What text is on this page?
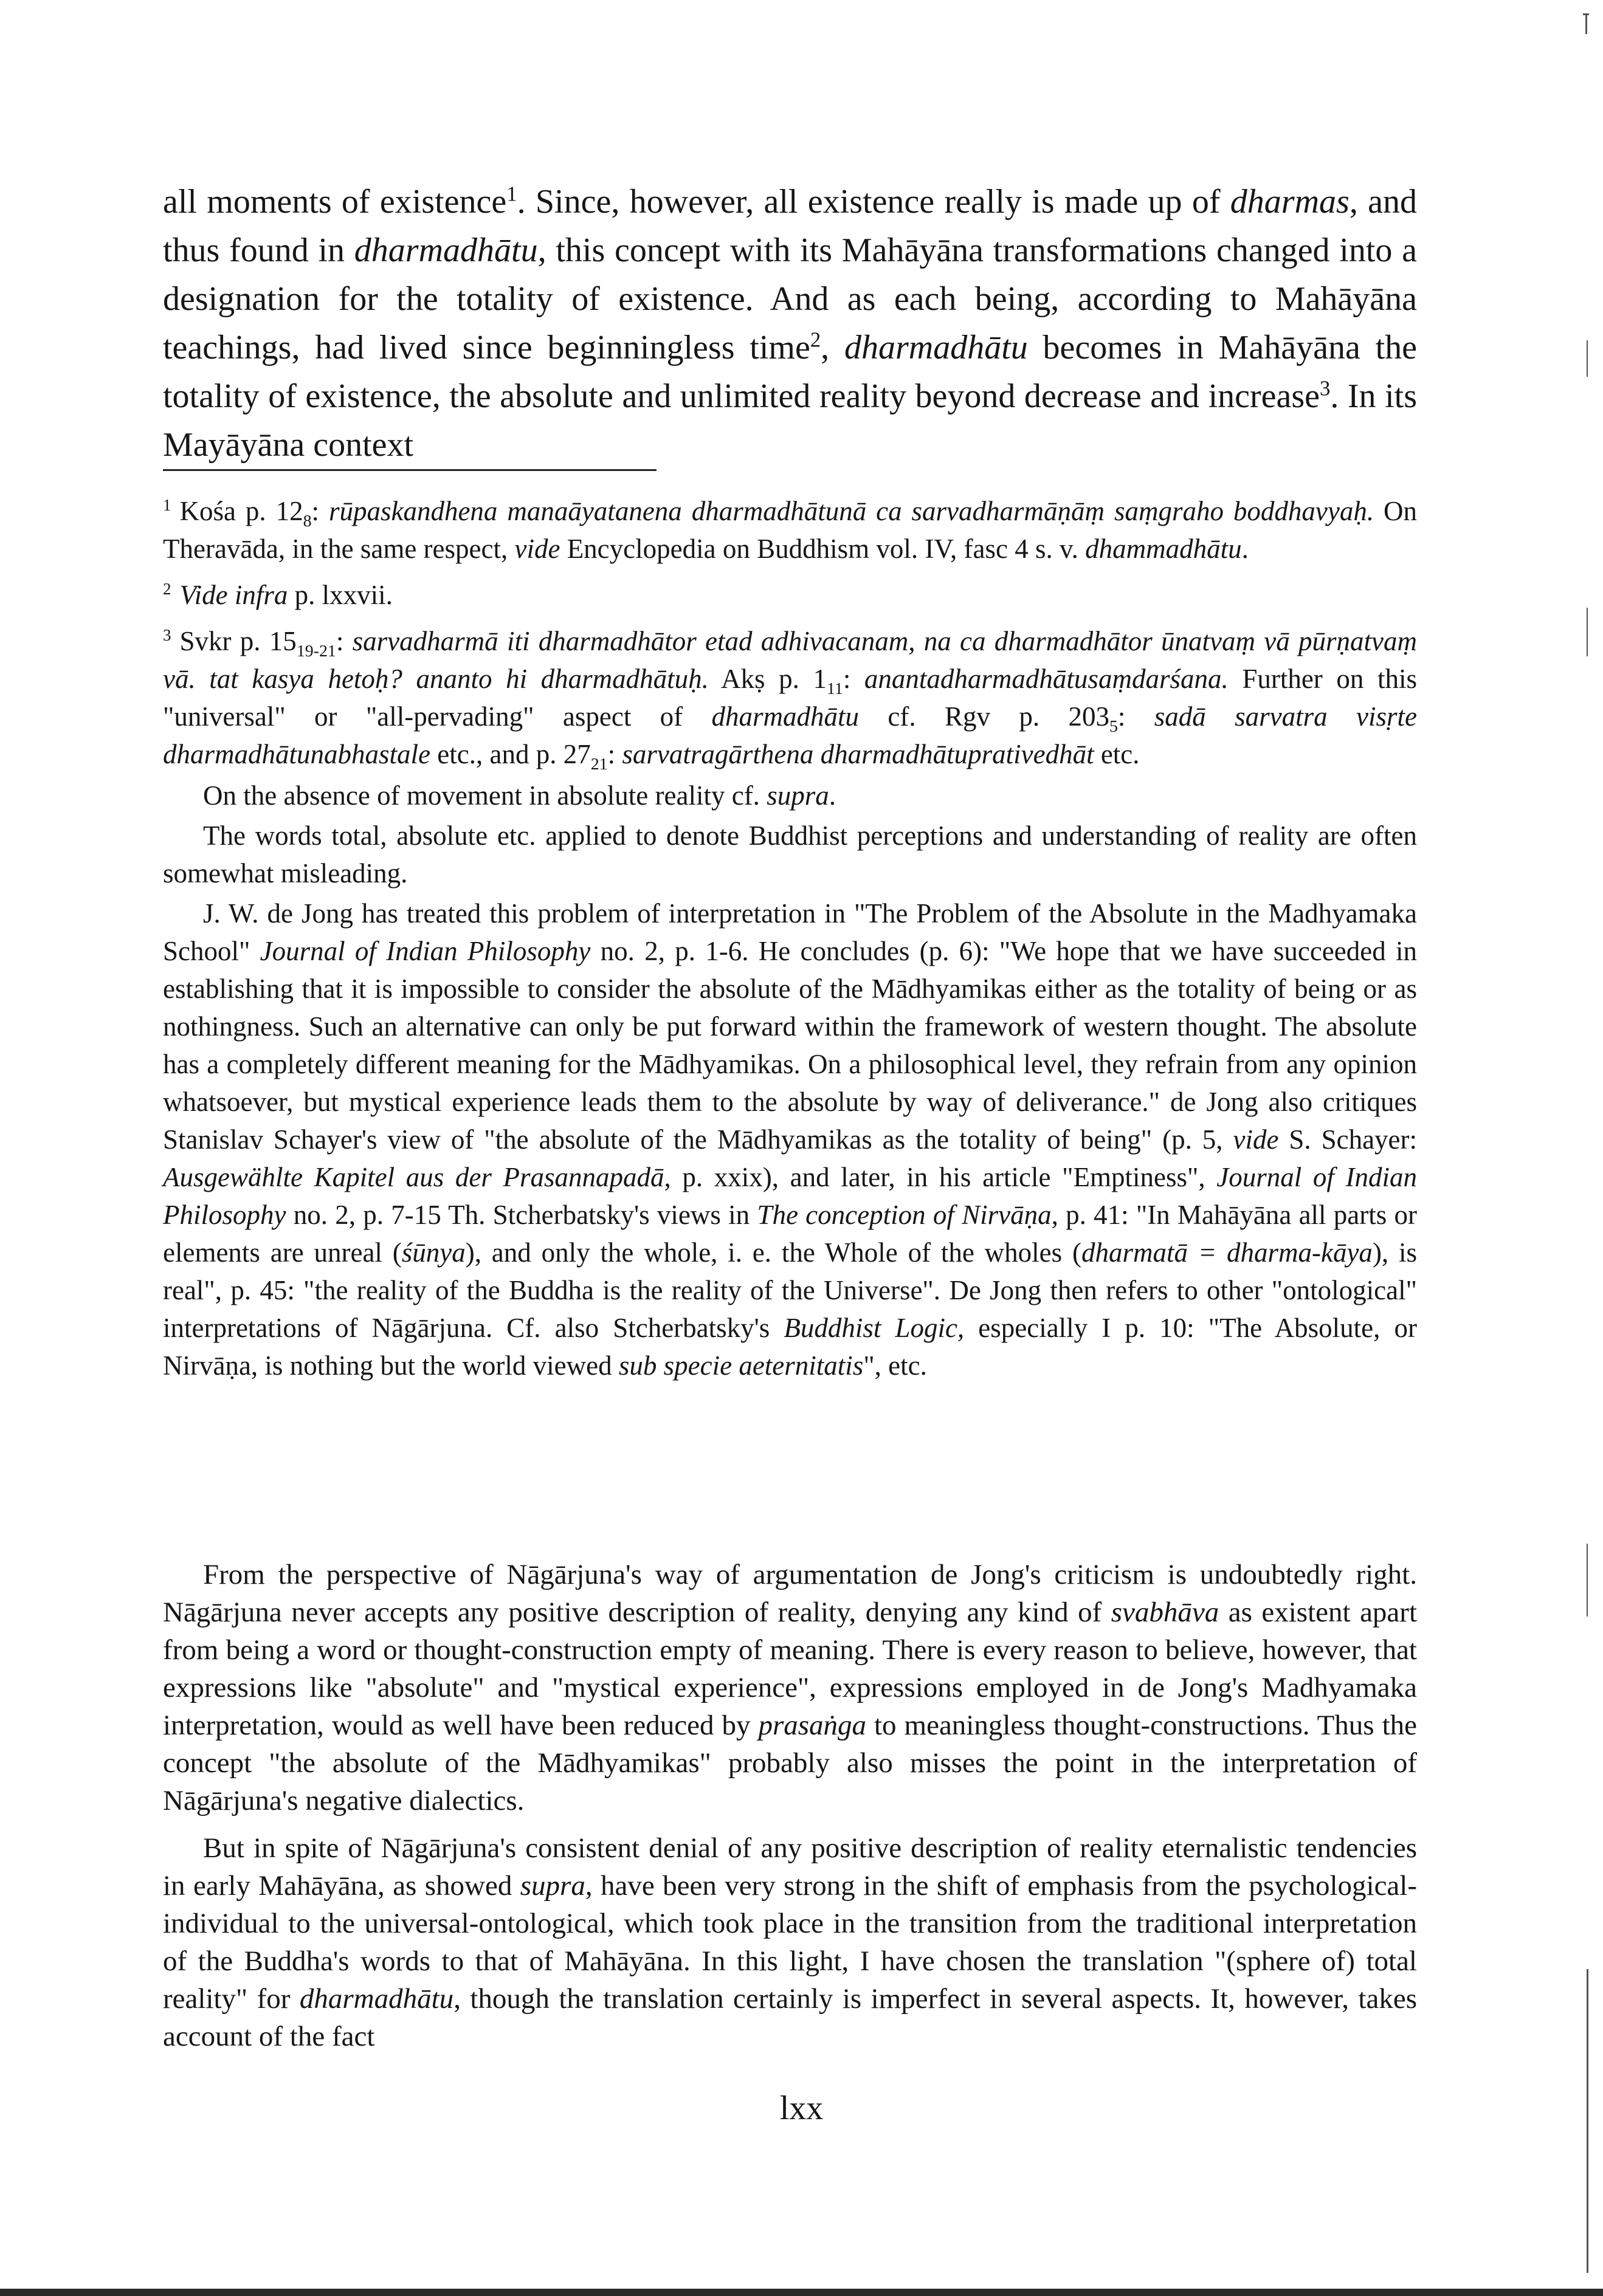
all moments of existence$^1$. Since, however, all existence really is made up of dharmas, and thus found in dharmadhātu, this concept with its Mahāyāna transformations changed into a designation for the totality of existence. And as each being, according to Mahāyāna teachings, had lived since beginningless time$^2$, dharmadhātu becomes in Mahāyāna the totality of existence, the absolute and unlimited reality beyond decrease and increase$^3$. In its Mayāyāna context

$^1$ Kośa p. $12_8$: rūpaskandhena manaāyatanena dharmadhātunā ca sarvadharmāṇāṃ saṃgraho boddhavyaḥ. On Theravāda, in the same respect, vide Encyclopedia on Buddhism vol. IV, fasc 4 s. v. dhammadhātu.

$^2$ Vide infra p. lxxvii.

$^3$ Svkr p. $15_{19-21}$: sarvadharmā iti dharmadhātor etad adhivacanam, na ca dharmadhātor ūnatvaṃ vā pūrṇatvaṃ vā. tat kasya hetoḥ? ananto hi dharmadhātuḥ. Akṣ p. $1_{11}$: anantadharmadhātusaṃdarśana. Further on this "universal" or "all-pervading" aspect of dharmadhātu cf. Rgv p. $203_5$: sadā sarvatra visṛte dharmadhātunabhastale etc., and p. $27_{21}$: sarvatragārthena dharmadhātuprativedhāt etc.

On the absence of movement in absolute reality cf. supra.

The words total, absolute etc. applied to denote Buddhist perceptions and understanding of reality are often somewhat misleading.

J. W. de Jong has treated this problem of interpretation in "The Problem of the Absolute in the Madhyamaka School" Journal of Indian Philosophy no. 2, p. 1-6. He concludes (p. 6): "We hope that we have succeeded in establishing that it is impossible to consider the absolute of the Mādhyamikas either as the totality of being or as nothingness. Such an alternative can only be put forward within the framework of western thought. The absolute has a completely different meaning for the Mādhyamikas. On a philosophical level, they refrain from any opinion whatsoever, but mystical experience leads them to the absolute by way of deliverance." de Jong also critiques Stanislav Schayer's view of "the absolute of the Mādhyamikas as the totality of being" (p. 5, vide S. Schayer: Ausgewählte Kapitel aus der Prasannapadā, p. xxix), and later, in his article "Emptiness", Journal of Indian Philosophy no. 2, p. 7-15 Th. Stcherbatsky's views in The conception of Nirvāṇa, p. 41: "In Mahāyāna all parts or elements are unreal (śūnya), and only the whole, i. e. the Whole of the wholes (dharmatā = dharma-kāya), is real", p. 45: "the reality of the Buddha is the reality of the Universe". De Jong then refers to other "ontological" interpretations of Nāgārjuna. Cf. also Stcherbatsky's Buddhist Logic, especially I p. 10: "The Absolute, or Nirvāṇa, is nothing but the world viewed sub specie aeternitatis", etc.

From the perspective of Nāgārjuna's way of argumentation de Jong's criticism is undoubtedly right. Nāgārjuna never accepts any positive description of reality, denying any kind of svabhāva as existent apart from being a word or thought-construction empty of meaning. There is every reason to believe, however, that expressions like "absolute" and "mystical experience", expressions employed in de Jong's Madhyamaka interpretation, would as well have been reduced by prasaṅga to meaningless thought-constructions. Thus the concept "the absolute of the Mādhyamikas" probably also misses the point in the interpretation of Nāgārjuna's negative dialectics.

But in spite of Nāgārjuna's consistent denial of any positive description of reality eternalistic tendencies in early Mahāyāna, as showed supra, have been very strong in the shift of emphasis from the psychological-individual to the universal-ontological, which took place in the transition from the traditional interpretation of the Buddha's words to that of Mahāyāna. In this light, I have chosen the translation "(sphere of) total reality" for dharmadhātu, though the translation certainly is imperfect in several aspects. It, however, takes account of the fact

lxx
